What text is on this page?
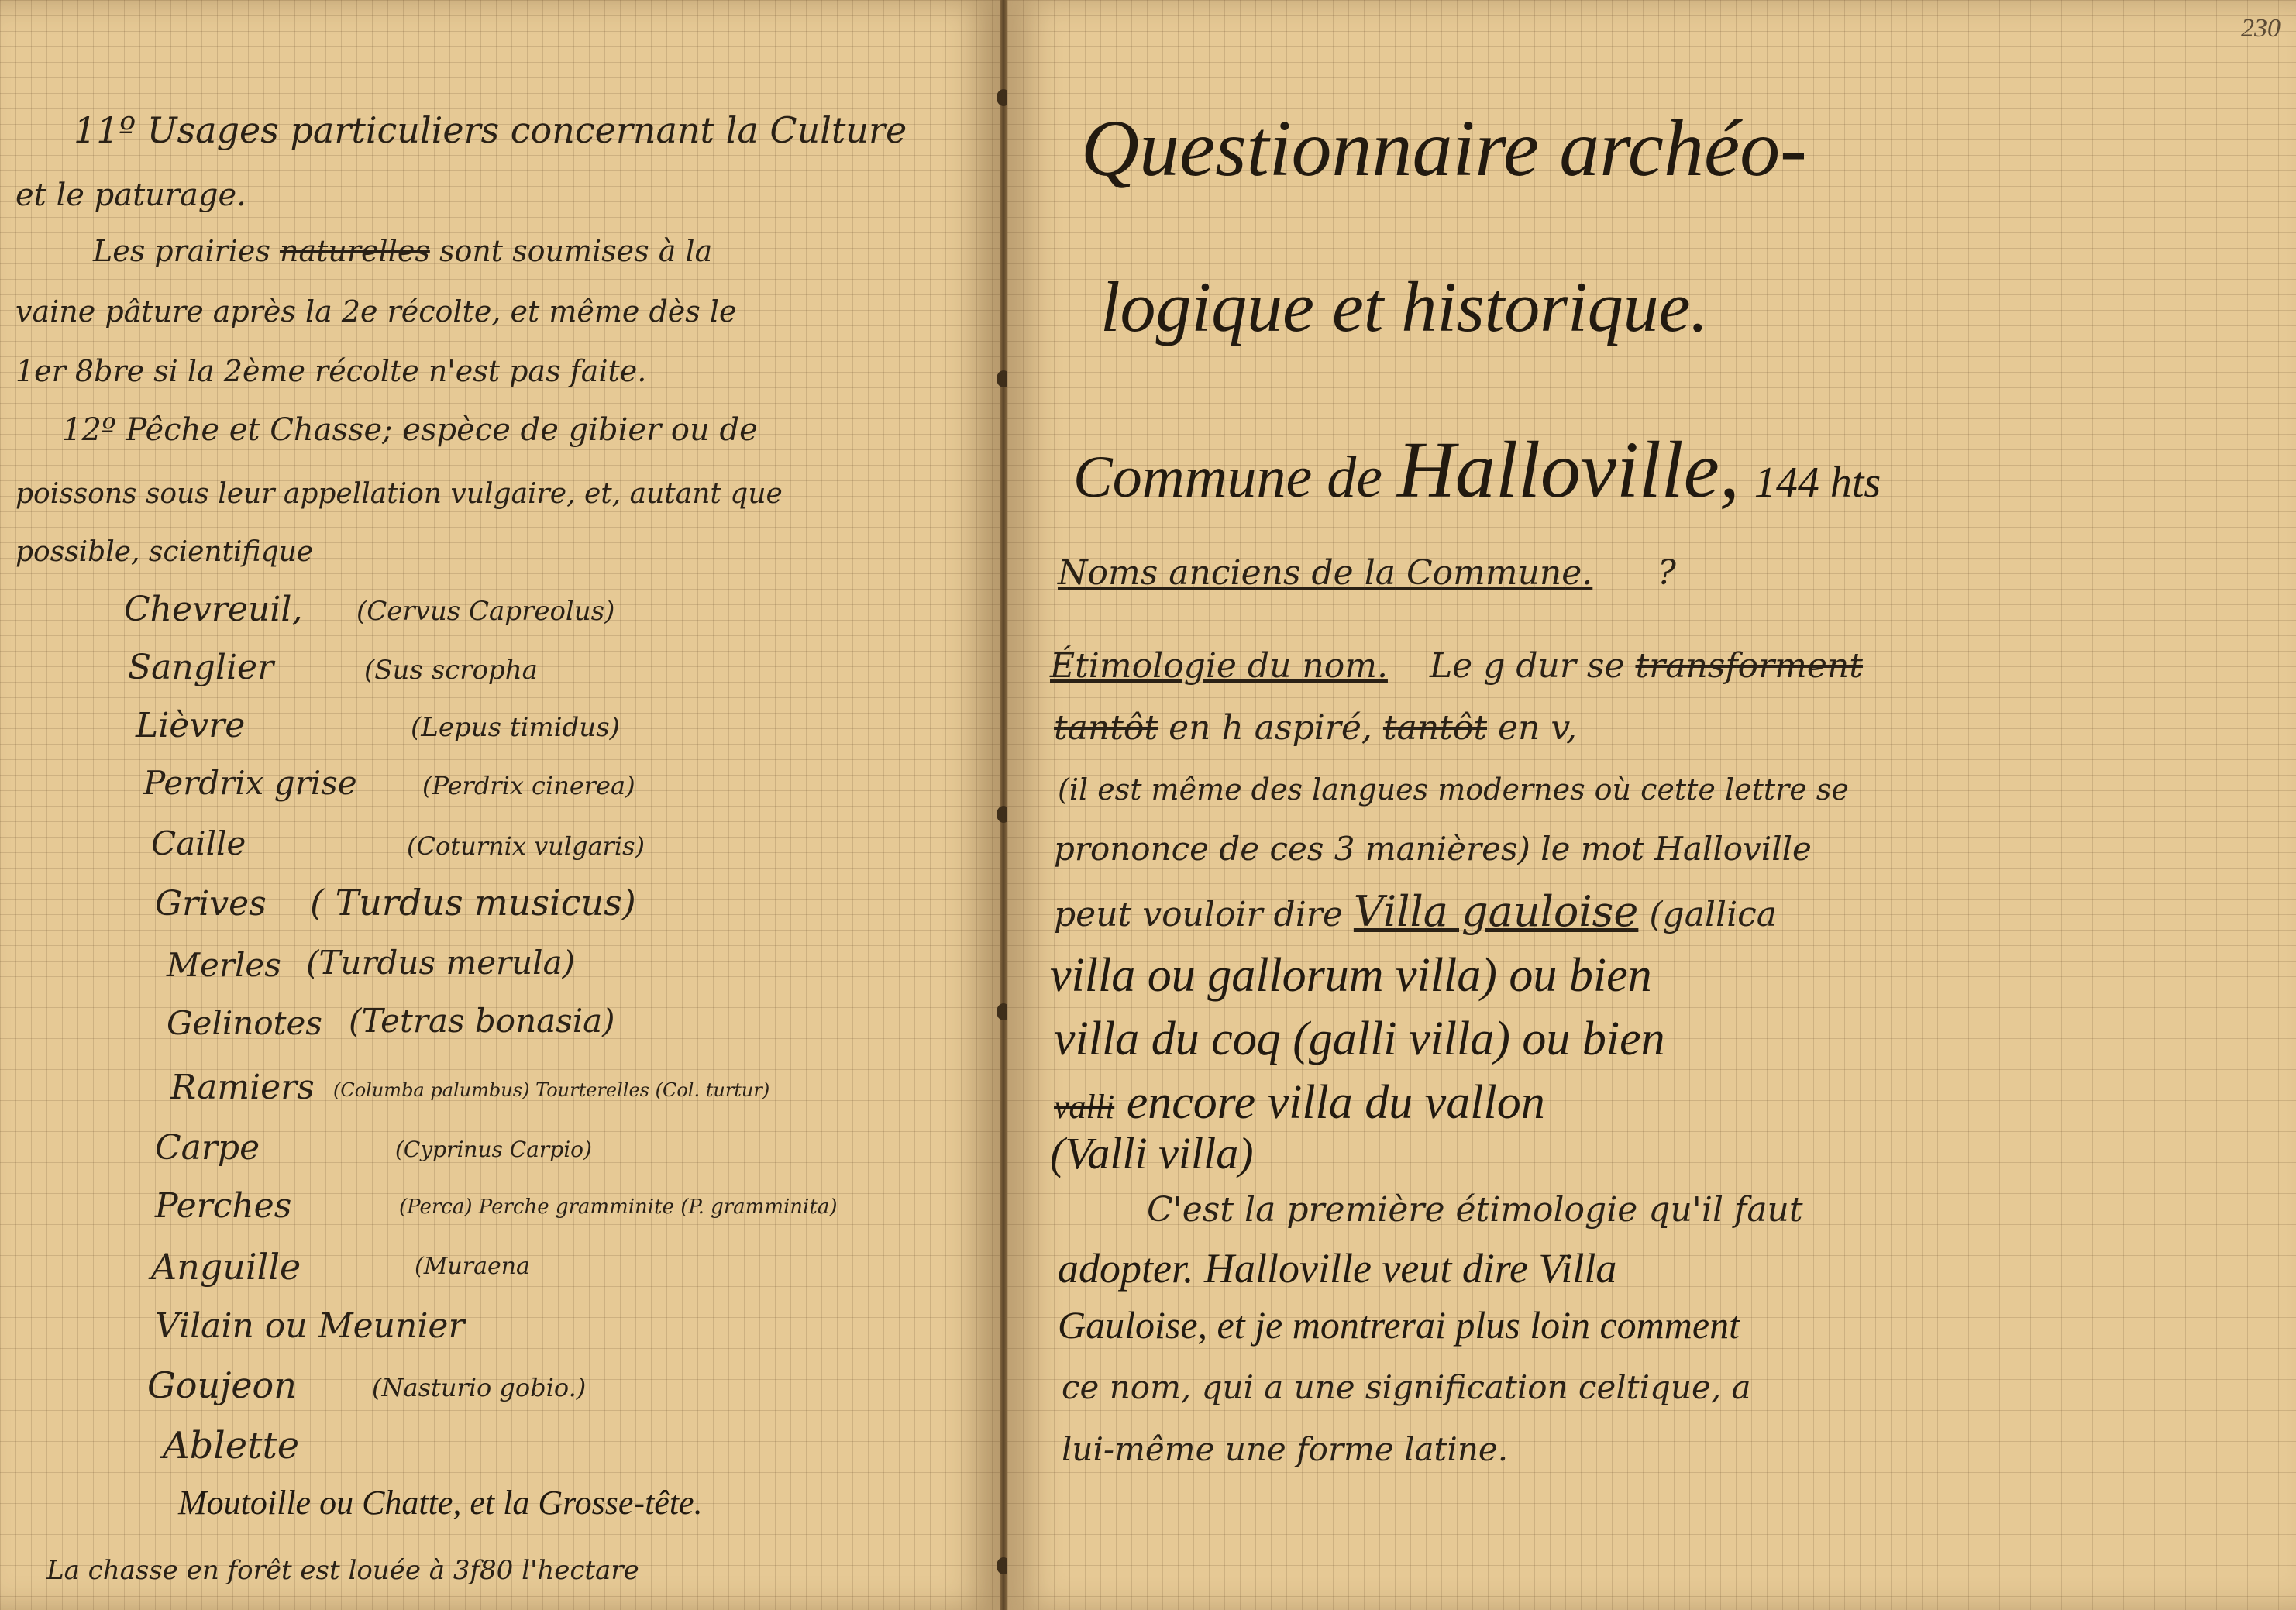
11º Usages particuliers concernant la Culture
et le paturage.
Les prairies naturelles sont soumises à la
vaine pâture après la 2e récolte, et même dès le
1er 8bre si la 2ème récolte n'est pas faite.
12º Pêche et Chasse; espèce de gibier ou de
poissons sous leur appellation vulgaire, et, autant que
possible, scientifique
Chevreuil, (Cervus Capreolus)
Sanglier	(Sus scropha
Lièvre	(Lepus timidus)
Perdrix grise	(Perdrix cinerea)
Caille	(Coturnix vulgaris)
Grives ( Turdus musicus)
Merles (Turdus merula)
Gelinotes (Tetras bonasia)
Ramiers (Columba palumbus) Tourterelles (Col. turtur)
Carpe	(Cyprinus Carpio)
Perches	(Perca) Perche gramminite (P. gramminita)
Anguille	(Muraena
Vilain ou Meunier
Goujeon	(Nasturio gobio.)
Ablette
Moutoille ou Chatte, et la Grosse-tête.
La chasse en forêt est louée à 3f80 l'hectare
230
Questionnaire archéo-
logique et historique.
Commune de Halloville, 144 hts
Noms anciens de la Commune. ?
Étimologie du nom. Le g dur se transforment
tantôt en h aspiré, tantôt en v,
(il est même des langues modernes où cette lettre se
prononce de ces 3 manières) le mot Halloville
peut vouloir dire Villa gauloise (gallica
villa ou gallorum villa) ou bien
villa du coq (galli villa) ou bien
valli encore villa du vallon
(Valli villa)
C'est la première étimologie qu'il faut
adopter. Halloville veut dire Villa
Gauloise, et je montrerai plus loin comment
ce nom, qui a une signification celtique, a
lui-même une forme latine.
